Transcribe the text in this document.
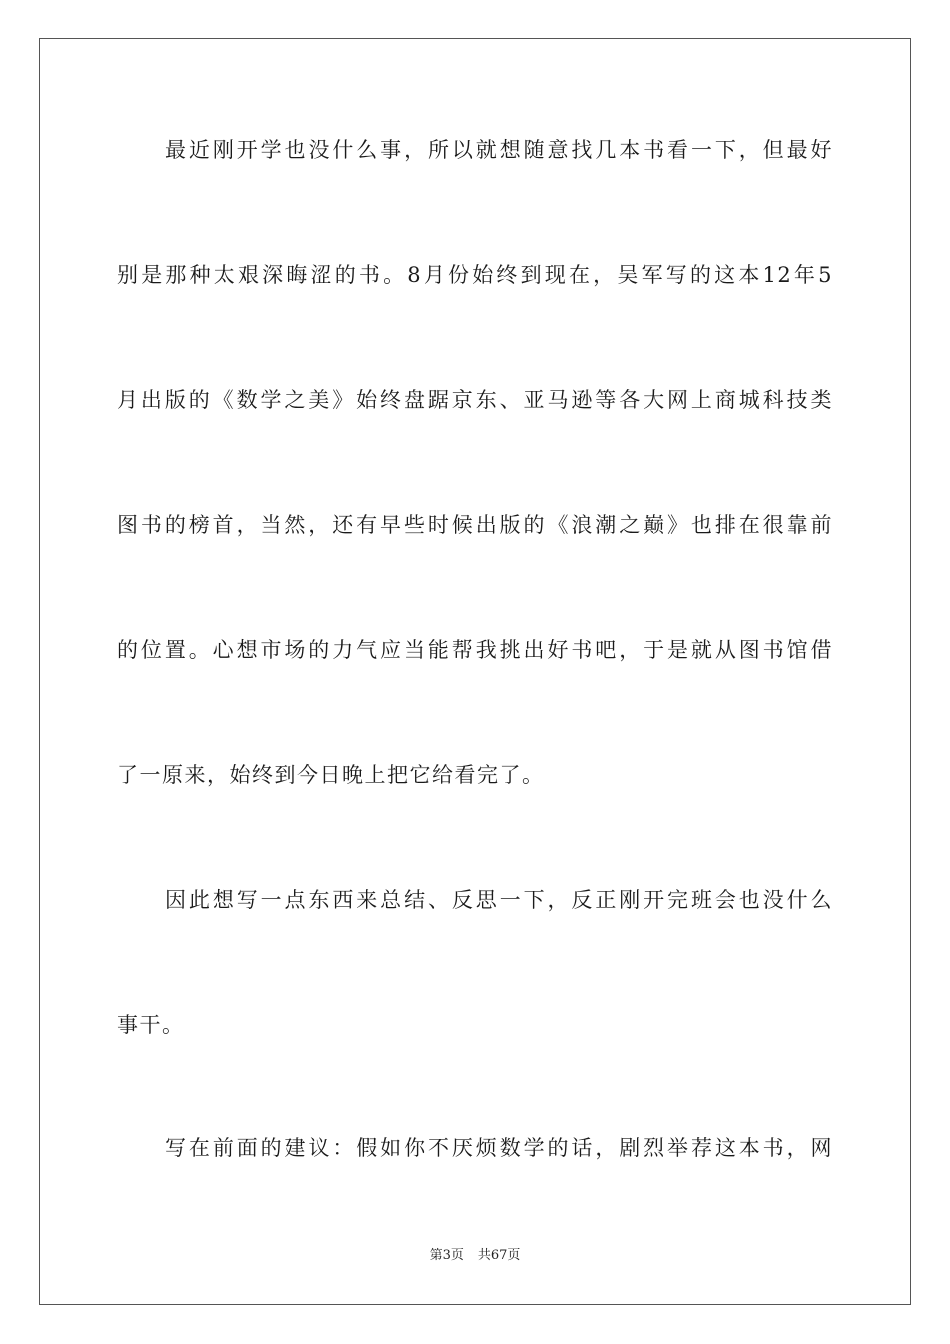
最近刚开学也没什么事，所以就想随意找几本书看一下，但最好
别是那种太艰深晦涩的书。8月份始终到现在，吴军写的这本12年5
月出版的《数学之美》始终盘踞京东、亚马逊等各大网上商城科技类
图书的榜首，当然，还有早些时候出版的《浪潮之巅》也排在很靠前
的位置。心想市场的力气应当能帮我挑出好书吧，于是就从图书馆借
了一原来，始终到今日晚上把它给看完了。
因此想写一点东西来总结、反思一下，反正刚开完班会也没什么
事干。
写在前面的建议：假如你不厌烦数学的话，剧烈举荐这本书，网
第3页 共67页
